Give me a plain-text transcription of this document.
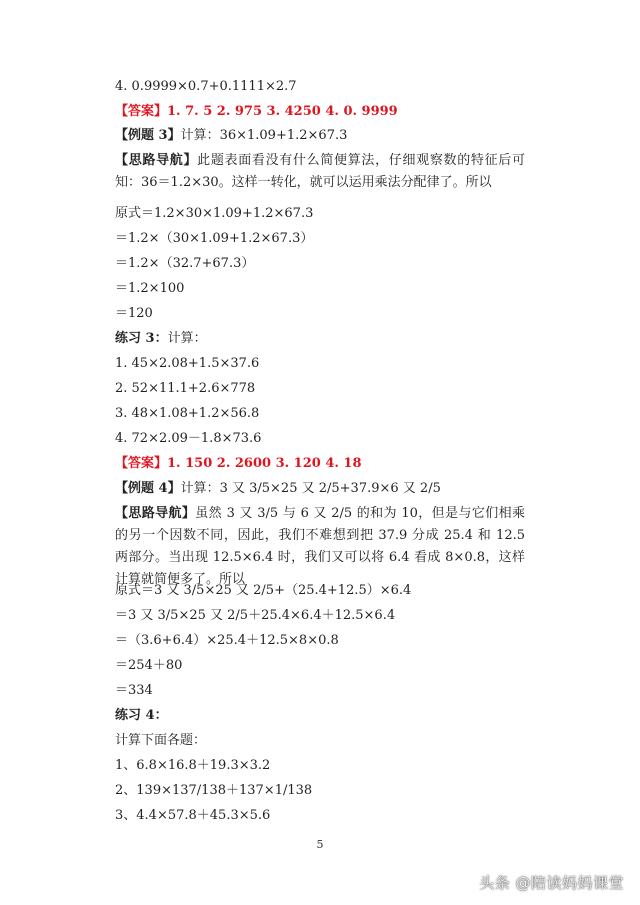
4. 0.9999×0.7+0.1111×2.7
【答案】1. 7. 5 2. 975 3. 4250 4. 0. 9999
【例题 3】计算：36×1.09+1.2×67.3
【思路导航】此题表面看没有什么简便算法，仔细观察数的特征后可知：36＝1.2×30。这样一转化，就可以运用乘法分配律了。所以
原式＝1.2×30×1.09+1.2×67.3
＝1.2×（30×1.09+1.2×67.3）
＝1.2×（32.7+67.3）
＝1.2×100
＝120
练习 3：计算：
1. 45×2.08+1.5×37.6
2. 52×11.1+2.6×778
3. 48×1.08+1.2×56.8
4. 72×2.09－1.8×73.6
【答案】1. 150 2. 2600 3. 120 4. 18
【例题 4】计算：3 又 3/5×25 又 2/5+37.9×6 又 2/5
【思路导航】虽然 3 又 3/5 与 6 又 2/5 的和为 10，但是与它们相乘的另一个因数不同，因此，我们不难想到把 37.9 分成 25.4 和 12.5 两部分。当出现 12.5×6.4 时，我们又可以将 6.4 看成 8×0.8，这样计算就简便多了。所以
原式＝3 又 3/5×25 又 2/5+（25.4+12.5）×6.4
＝3 又 3/5×25 又 2/5＋25.4×6.4＋12.5×6.4
＝（3.6+6.4）×25.4＋12.5×8×0.8
＝254＋80
＝334
练习 4：
计算下面各题：
1、6.8×16.8＋19.3×3.2
2、139×137/138＋137×1/138
3、4.4×57.8＋45.3×5.6
5
头条 @陪读妈妈课堂
